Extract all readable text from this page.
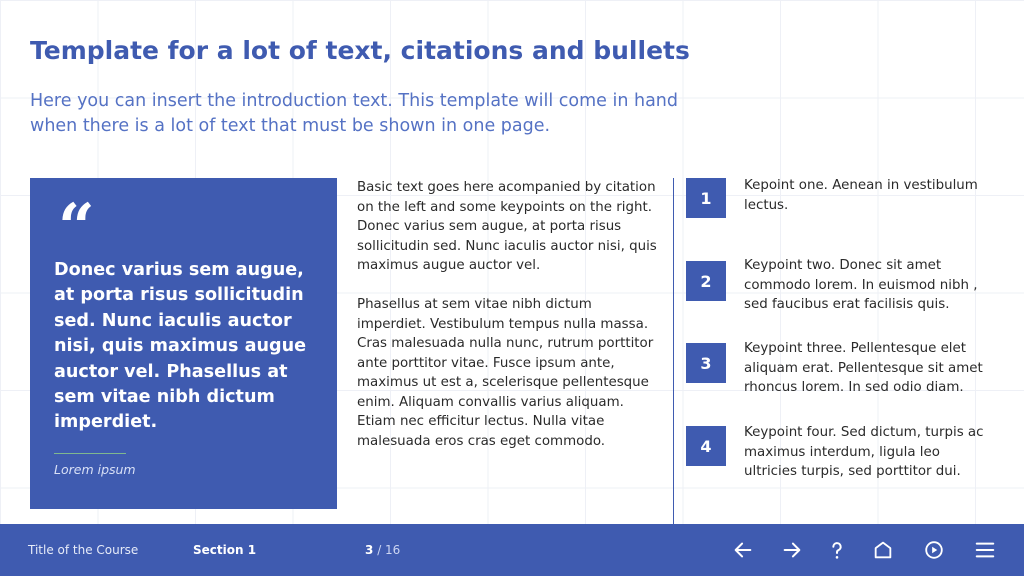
Template for a lot of text, citations and bullets

Here you can insert the introduction text. This template will come in hand when there is a lot of text that must be shown in one page.

“

Donec varius sem augue, at porta risus sollicitudin sed. Nunc iaculis auctor nisi, quis maximus augue auctor vel. Phasellus at sem vitae nibh dictum imperdiet.

Lorem ipsum

Basic text goes here acompanied by citation on the left and some keypoints on the right. Donec varius sem augue, at porta risus sollicitudin sed. Nunc iaculis auctor nisi, quis maximus augue auctor vel.

Phasellus at sem vitae nibh dictum imperdiet. Vestibulum tempus nulla massa. Cras malesuada nulla nunc, rutrum porttitor ante porttitor vitae. Fusce ipsum ante, maximus ut est a, scelerisque pellentesque enim. Aliquam convallis varius aliquam. Etiam nec efficitur lectus. Nulla vitae malesuada eros cras eget commodo.

1

Kepoint one. Aenean in vestibulum lectus.

2

Keypoint two. Donec sit amet commodo lorem. In euismod nibh , sed faucibus erat facilisis quis.

3

Keypoint three. Pellentesque elet aliquam erat. Pellentesque sit amet rhoncus lorem. In sed odio diam.

4

Keypoint four. Sed dictum, turpis ac maximus interdum, ligula leo ultricies turpis, sed porttitor dui.

Title of the Course	Section 1	3 / 16
